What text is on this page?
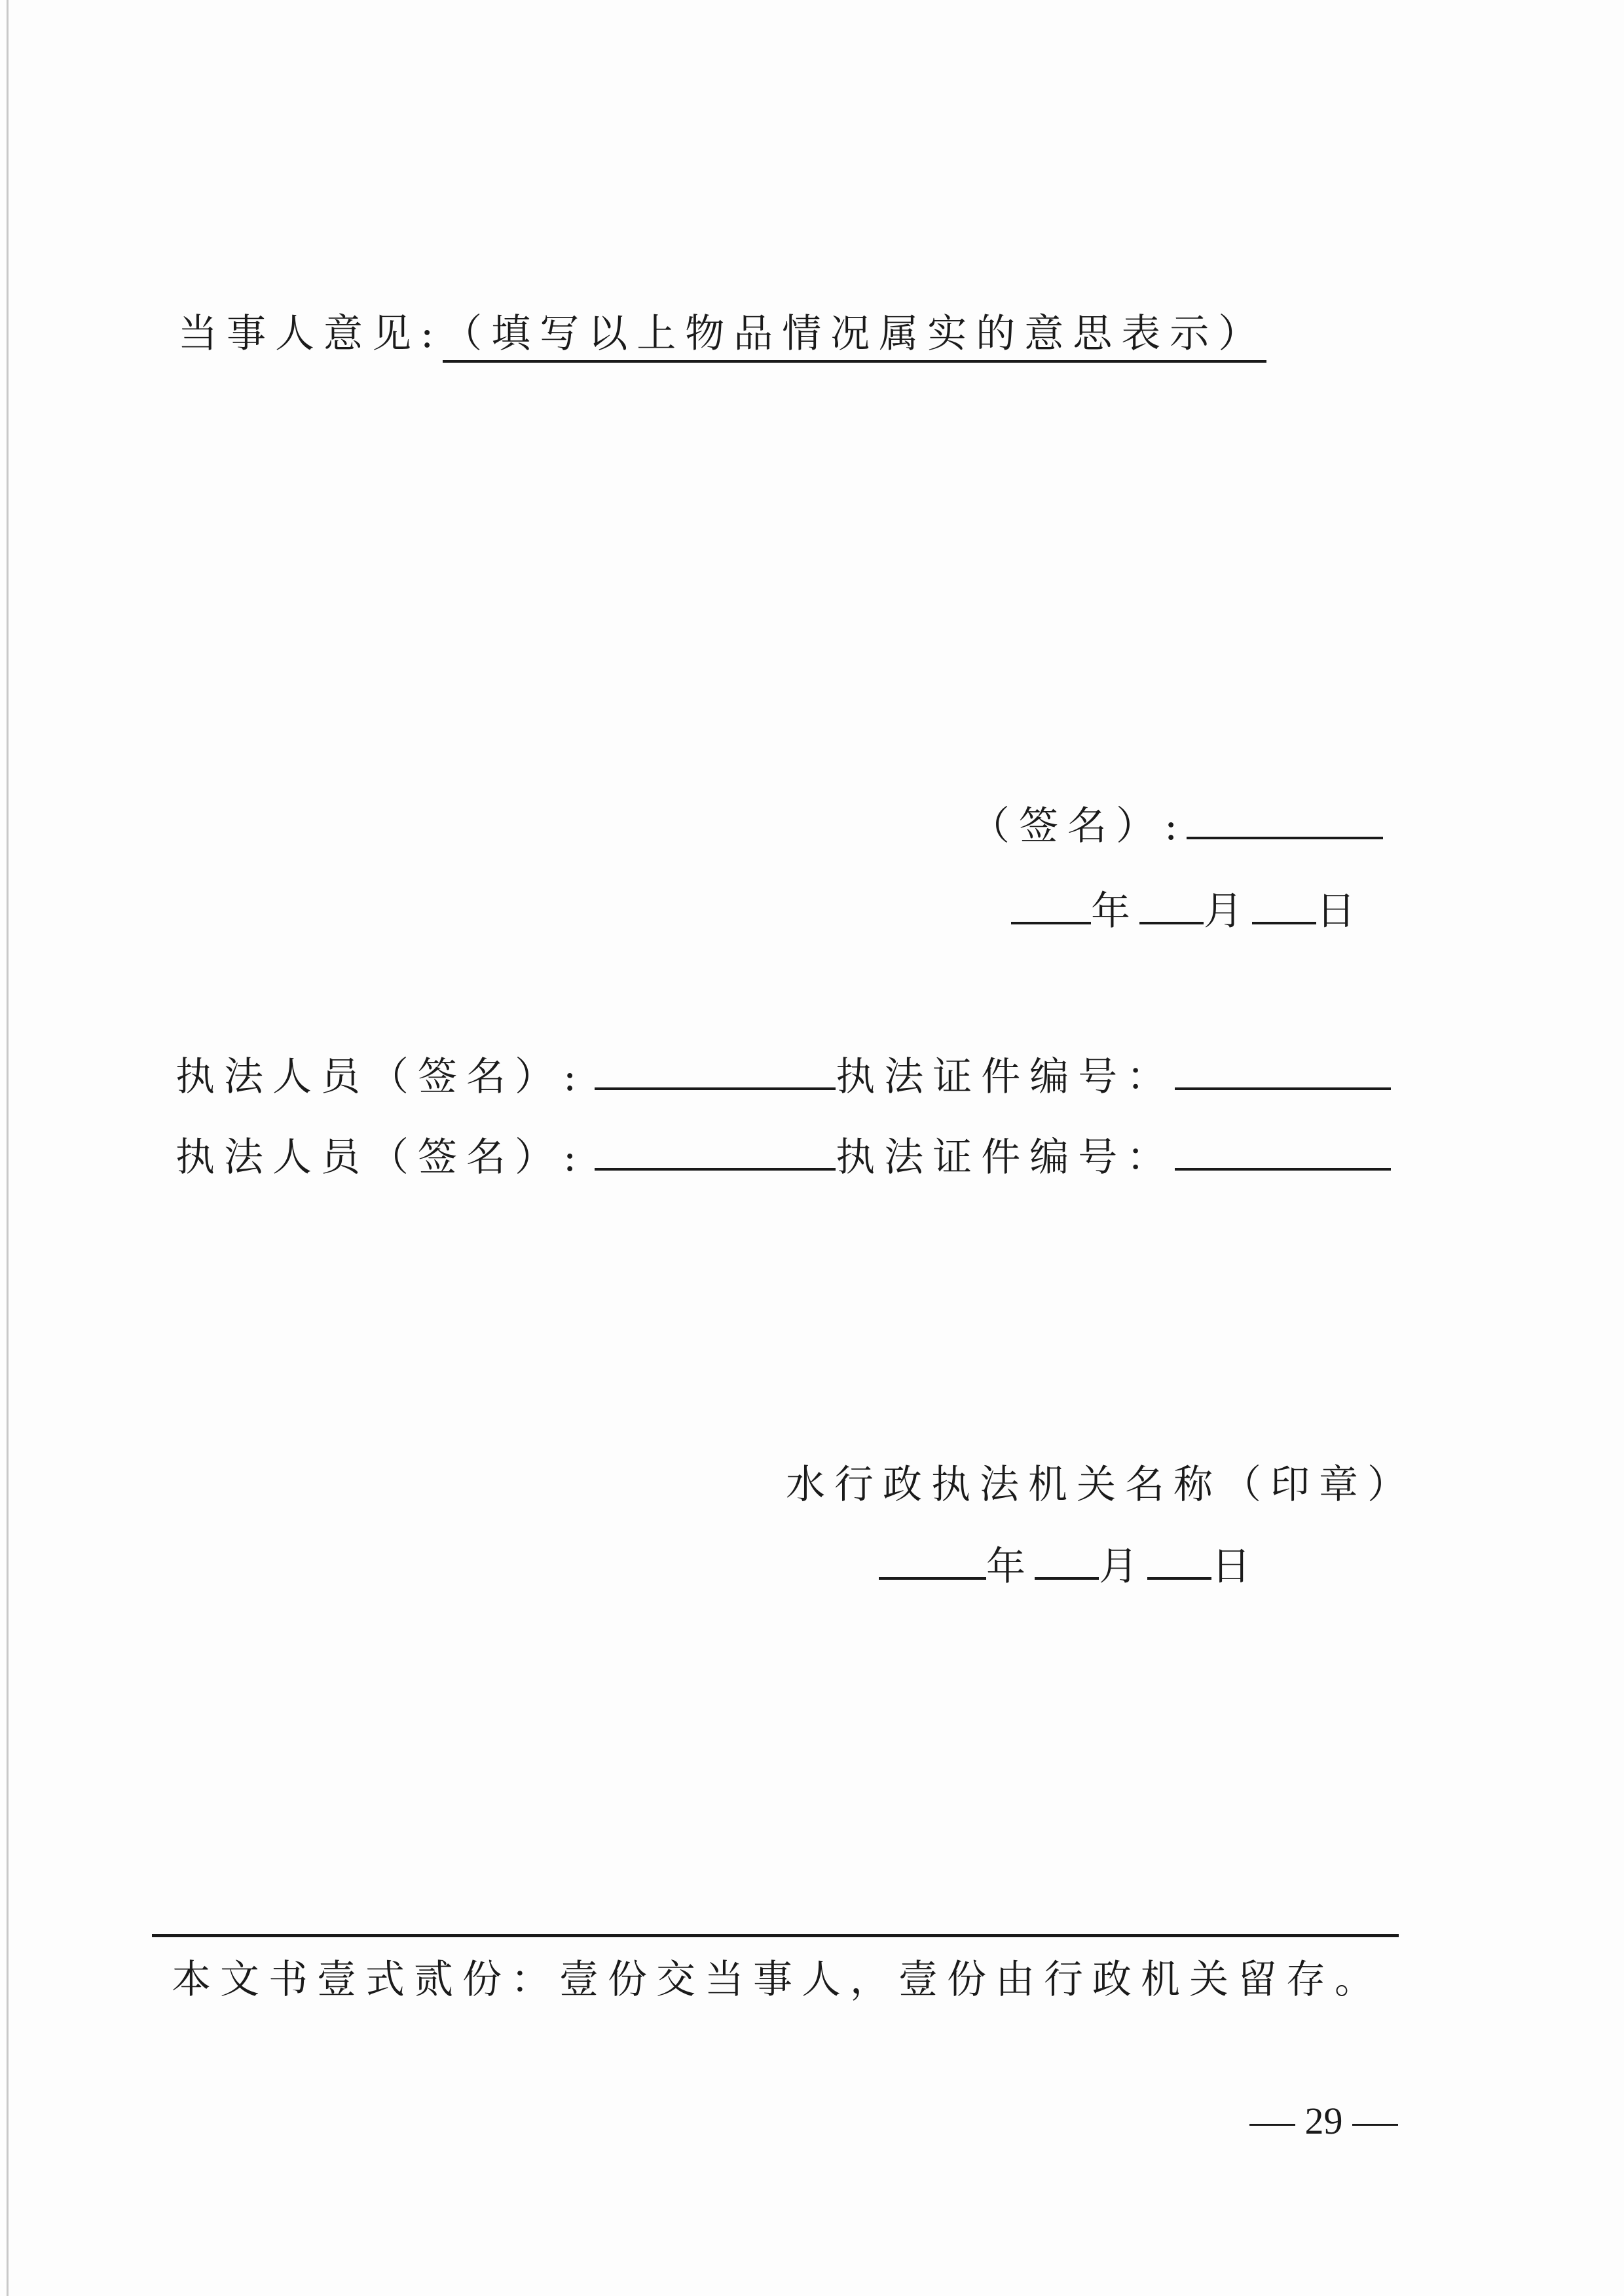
当事人意见:（填写以上物品情况属实的意思表示）
（签名）:
年 月 日
执法人员（签名）:	执法证件编号：
执法人员（签名）:	执法证件编号：
水行政执法机关名称（印章）
年 月 日
本文书壹式贰份：壹份交当事人，壹份由行政机关留存。
29
